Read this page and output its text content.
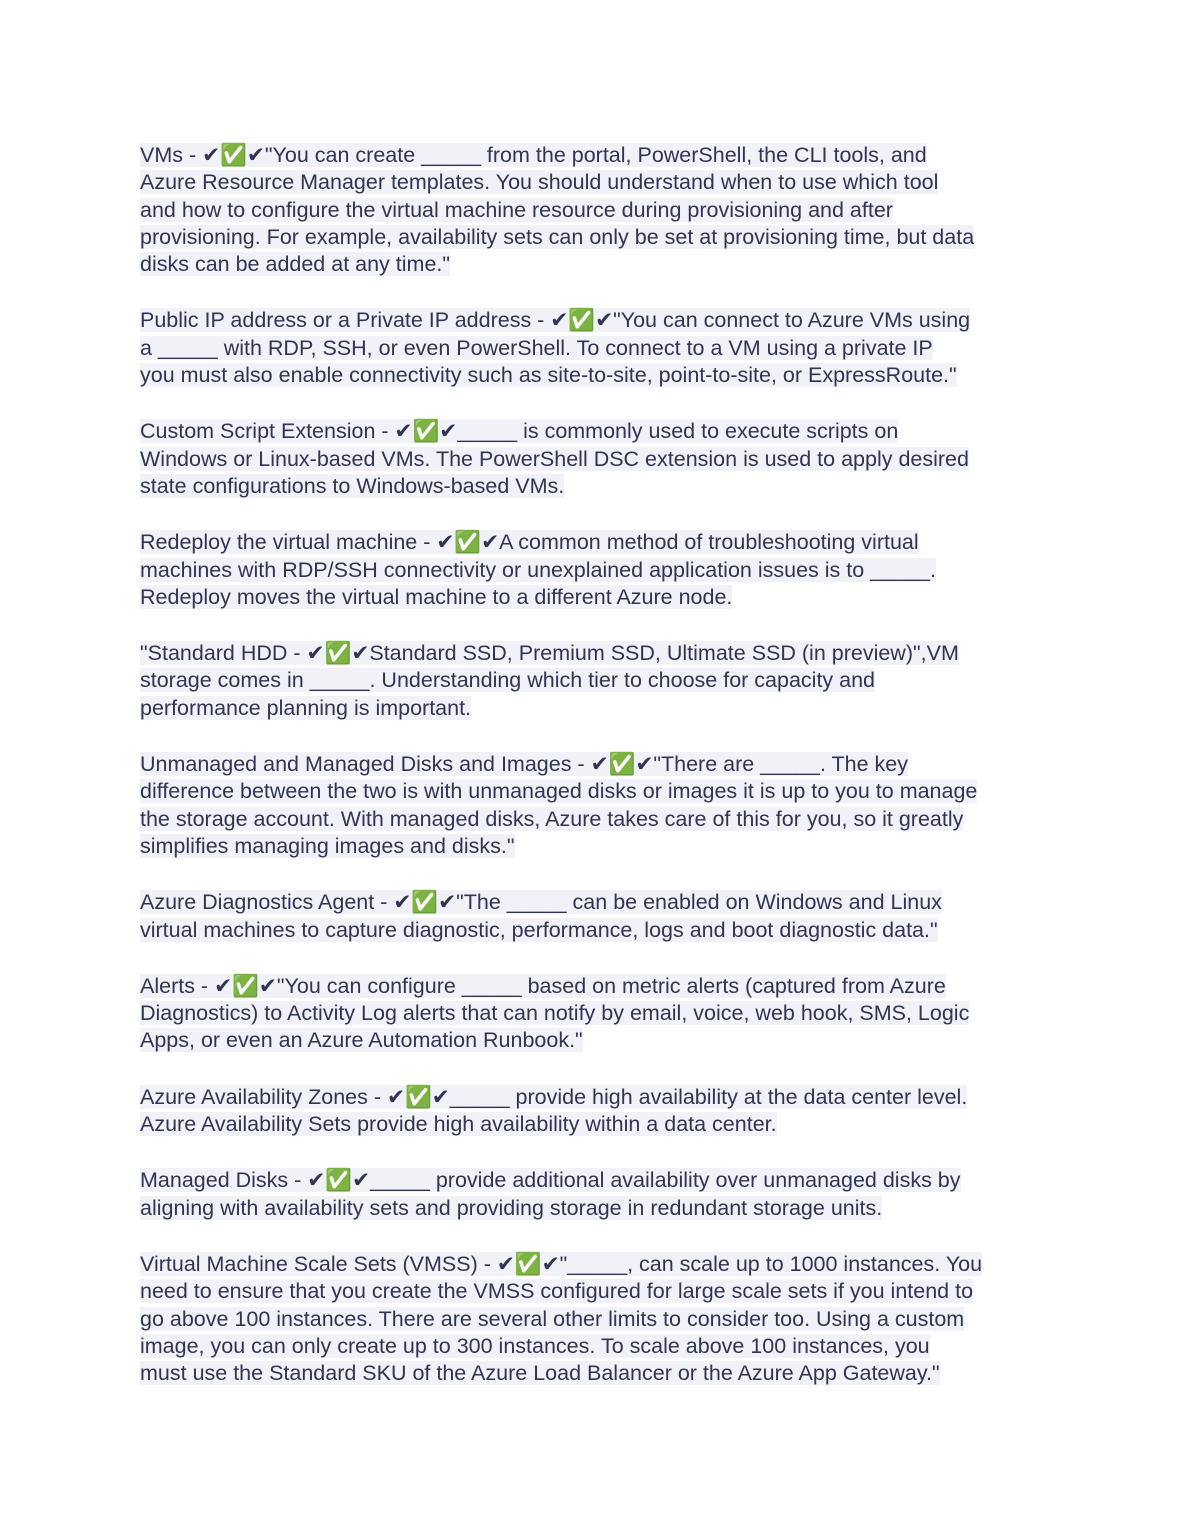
VMs - ✔✅✔"You can create _____ from the portal, PowerShell, the CLI tools, and
Azure Resource Manager templates. You should understand when to use which tool
and how to configure the virtual machine resource during provisioning and after
provisioning. For example, availability sets can only be set at provisioning time, but data
disks can be added at any time."
Public IP address or a Private IP address - ✔✅✔"You can connect to Azure VMs using
a _____ with RDP, SSH, or even PowerShell. To connect to a VM using a private IP
you must also enable connectivity such as site-to-site, point-to-site, or ExpressRoute."
Custom Script Extension - ✔✅✔_____ is commonly used to execute scripts on
Windows or Linux-based VMs. The PowerShell DSC extension is used to apply desired
state configurations to Windows-based VMs.
Redeploy the virtual machine - ✔✅✔A common method of troubleshooting virtual
machines with RDP/SSH connectivity or unexplained application issues is to _____.
Redeploy moves the virtual machine to a different Azure node.
"Standard HDD - ✔✅✔Standard SSD, Premium SSD, Ultimate SSD (in preview)",VM
storage comes in _____. Understanding which tier to choose for capacity and
performance planning is important.
Unmanaged and Managed Disks and Images - ✔✅✔"There are _____. The key
difference between the two is with unmanaged disks or images it is up to you to manage
the storage account. With managed disks, Azure takes care of this for you, so it greatly
simplifies managing images and disks."
Azure Diagnostics Agent - ✔✅✔"The _____ can be enabled on Windows and Linux
virtual machines to capture diagnostic, performance, logs and boot diagnostic data."
Alerts - ✔✅✔"You can configure _____ based on metric alerts (captured from Azure
Diagnostics) to Activity Log alerts that can notify by email, voice, web hook, SMS, Logic
Apps, or even an Azure Automation Runbook."
Azure Availability Zones - ✔✅✔_____ provide high availability at the data center level.
Azure Availability Sets provide high availability within a data center.
Managed Disks - ✔✅✔_____ provide additional availability over unmanaged disks by
aligning with availability sets and providing storage in redundant storage units.
Virtual Machine Scale Sets (VMSS) - ✔✅✔"_____, can scale up to 1000 instances. You
need to ensure that you create the VMSS configured for large scale sets if you intend to
go above 100 instances. There are several other limits to consider too. Using a custom
image, you can only create up to 300 instances. To scale above 100 instances, you
must use the Standard SKU of the Azure Load Balancer or the Azure App Gateway."
